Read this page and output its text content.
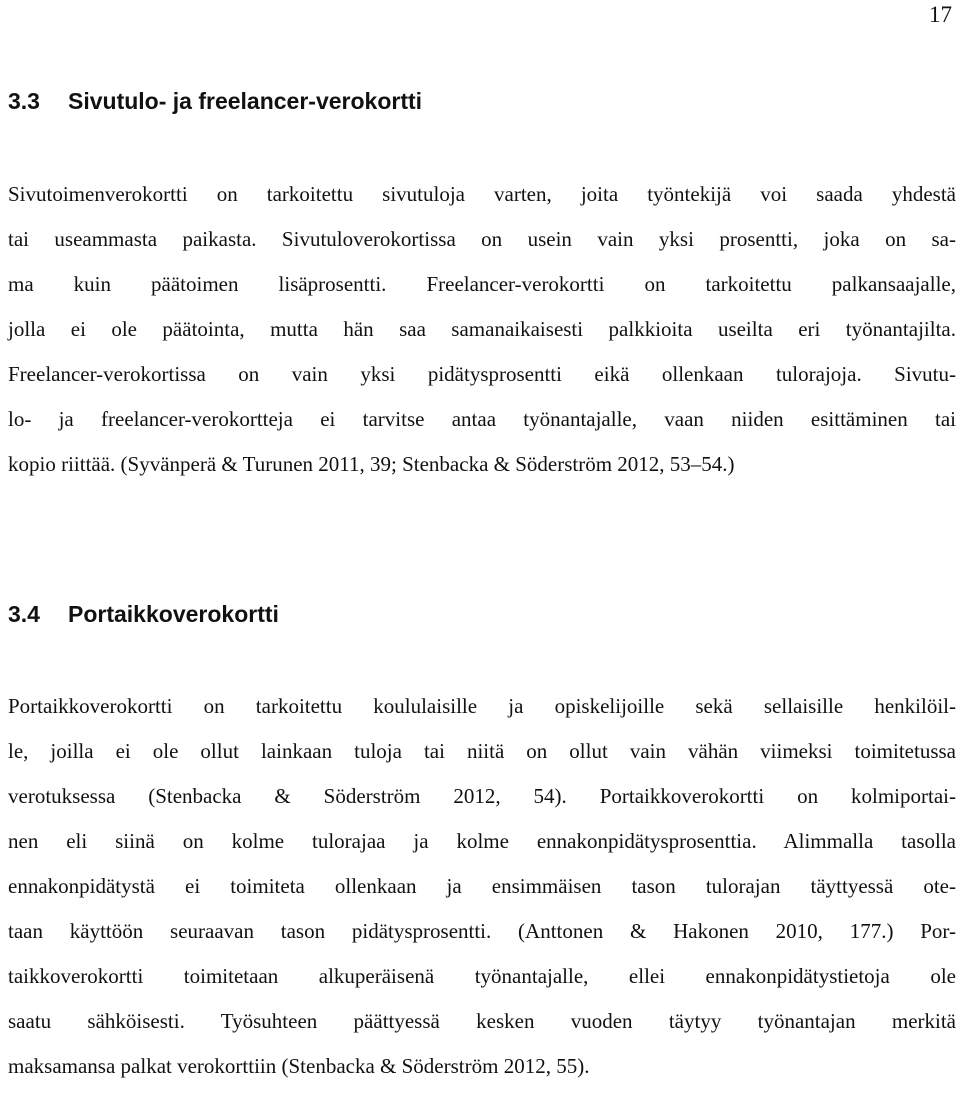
17
3.3 Sivutulo- ja freelancer-verokortti
Sivutoimenverokortti on tarkoitettu sivutuloja varten, joita työntekijä voi saada yhdestä
tai useammasta paikasta. Sivutuloverokortissa on usein vain yksi prosentti, joka on sa-
ma kuin päätoimen lisäprosentti. Freelancer-verokortti on tarkoitettu palkansaajalle,
jolla ei ole päätointa, mutta hän saa samanaikaisesti palkkioita useilta eri työnantajilta.
Freelancer-verokortissa on vain yksi pidätysprosentti eikä ollenkaan tulorajoja. Sivutu-
lo- ja freelancer-verokortteja ei tarvitse antaa työnantajalle, vaan niiden esittäminen tai
kopio riittää. (Syvänperä & Turunen 2011, 39; Stenbacka & Söderström 2012, 53–54.)
3.4 Portaikkoverokortti
Portaikkoverokortti on tarkoitettu koululaisille ja opiskelijoille sekä sellaisille henkilöil-
le, joilla ei ole ollut lainkaan tuloja tai niitä on ollut vain vähän viimeksi toimitetussa
verotuksessa (Stenbacka & Söderström 2012, 54). Portaikkoverokortti on kolmiportai-
nen eli siinä on kolme tulorajaa ja kolme ennakonpidätysprosenttia. Alimmalla tasolla
ennakonpidätystä ei toimiteta ollenkaan ja ensimmäisen tason tulorajan täyttyessä ote-
taan käyttöön seuraavan tason pidätysprosentti. (Anttonen & Hakonen 2010, 177.) Por-
taikkoverokortti toimitetaan alkuperäisenä työnantajalle, ellei ennakonpidätystietoja ole
saatu sähköisesti. Työsuhteen päättyessä kesken vuoden täytyy työnantajan merkitä
maksamansa palkat verokorttiin (Stenbacka & Söderström 2012, 55).
